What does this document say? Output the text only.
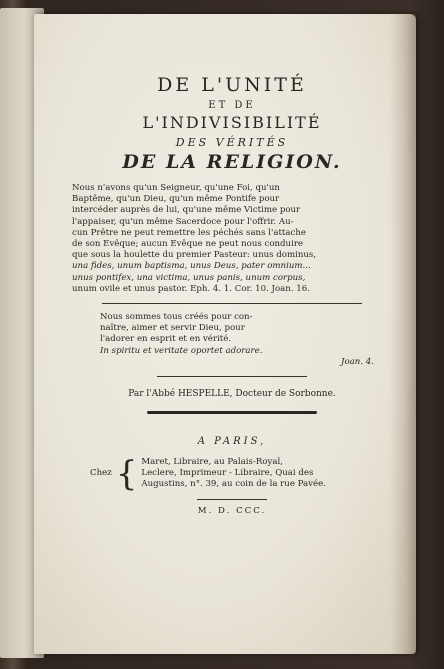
DE L'UNITÉ

ET DE

L'INDIVISIBILITÉ

DES VÉRITÉS

DE LA RELIGION.

Nous n'avons qu'un Seigneur, qu'une Foi, qu'un
Baptême, qu'un Dieu, qu'un même Pontife pour
intercéder auprès de lui, qu'une même Victime pour
l'appaiser, qu'un même Sacerdoce pour l'offrir. Au-
cun Prêtre ne peut remettre les péchés sans l'attache
de son Evêque; aucun Evêque ne peut nous conduire
que sous la houlette du premier Pasteur: unus dominus,
una fides, unum baptisma, unus Deus, pater omnium...
unus pontifex, una victima, unus panis, unum corpus,
unum ovile et unus pastor. Eph. 4. 1. Cor. 10. Joan. 16.
Nous sommes tous créés pour con-
naître, aimer et servir Dieu, pour
l'adorer en esprit et en vérité.
In spiritu et veritate oportet adorare.
Joan. 4.

Par l'Abbé HESPELLE, Docteur de Sorbonne.

A PARIS,

Chez { Maret, Libraire, au Palais-Royal,
Leclere, Imprimeur - Libraire, Quai des
Augustins, n°. 39, au coin de la rue Pavée.

M. D. CCC.
